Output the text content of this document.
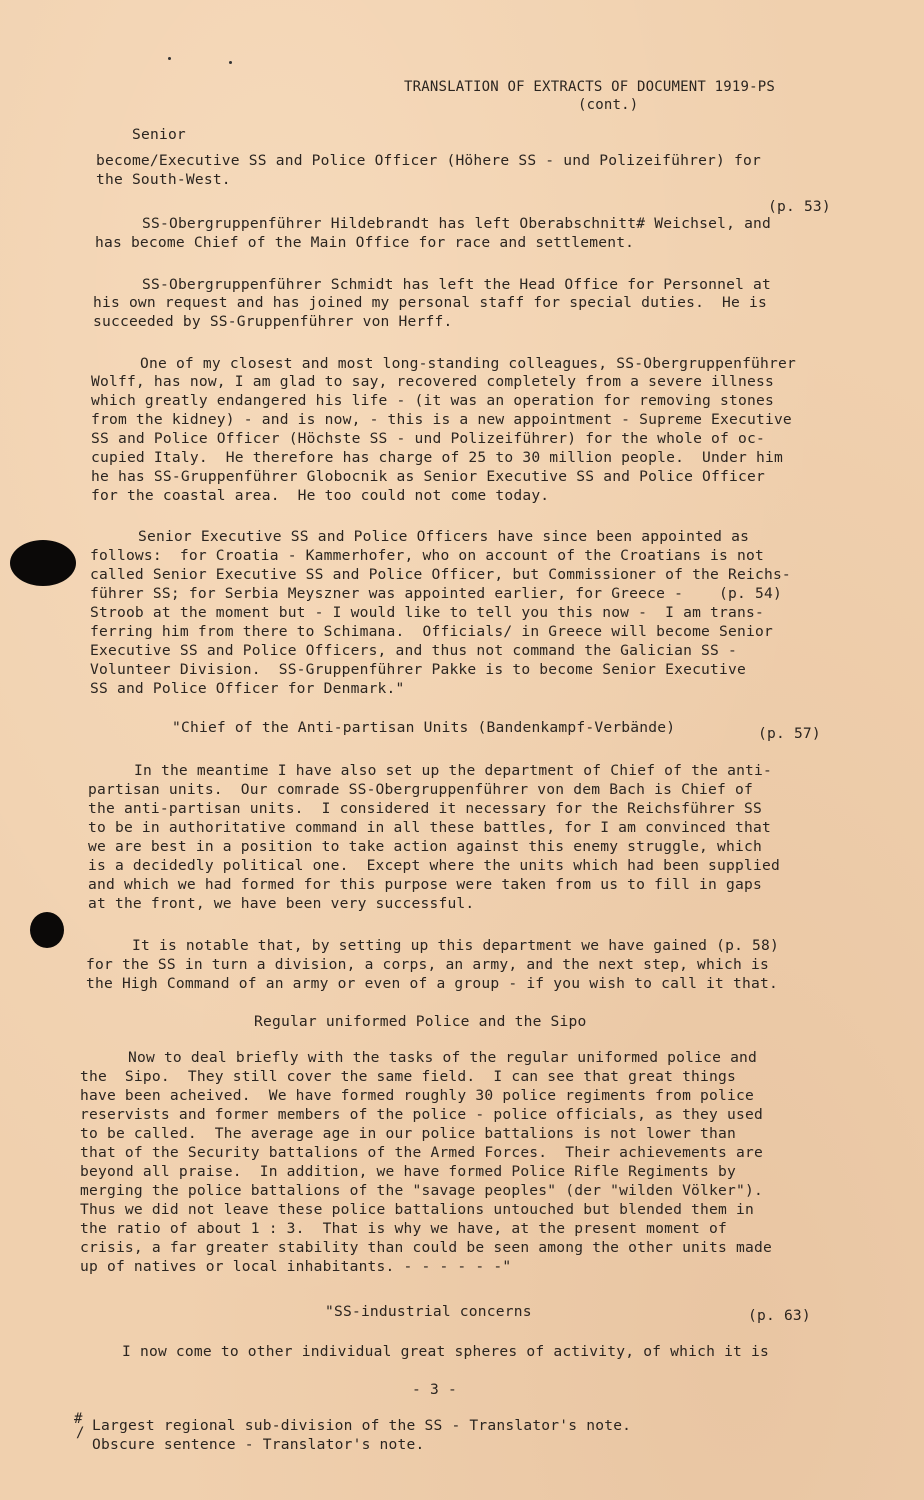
TRANSLATION OF EXTRACTS OF DOCUMENT 1919-PS
(cont.)
Senior
become/Executive SS and Police Officer (Höhere SS - und Polizeiführer) for
the South-West.
(p. 53)
SS-Obergruppenführer Hildebrandt has left Oberabschnitt# Weichsel, and
has become Chief of the Main Office for race and settlement.
SS-Obergruppenführer Schmidt has left the Head Office for Personnel at
his own request and has joined my personal staff for special duties.  He is
succeeded by SS-Gruppenführer von Herff.
One of my closest and most long-standing colleagues, SS-Obergruppenführer
Wolff, has now, I am glad to say, recovered completely from a severe illness
which greatly endangered his life - (it was an operation for removing stones
from the kidney) - and is now, - this is a new appointment - Supreme Executive
SS and Police Officer (Höchste SS - und Polizeiführer) for the whole of oc-
cupied Italy.  He therefore has charge of 25 to 30 million people.  Under him
he has SS-Gruppenführer Globocnik as Senior Executive SS and Police Officer
for the coastal area.  He too could not come today.
Senior Executive SS and Police Officers have since been appointed as
follows:  for Croatia - Kammerhofer, who on account of the Croatians is not
called Senior Executive SS and Police Officer, but Commissioner of the Reichs-
führer SS; for Serbia Meyszner was appointed earlier, for Greece -    (p. 54)
Stroob at the moment but - I would like to tell you this now -  I am trans-
ferring him from there to Schimana.  Officials/ in Greece will become Senior
Executive SS and Police Officers, and thus not command the Galician SS -
Volunteer Division.  SS-Gruppenführer Pakke is to become Senior Executive
SS and Police Officer for Denmark."
"Chief of the Anti-partisan Units (Bandenkampf-Verbände)	(p. 57)
In the meantime I have also set up the department of Chief of the anti-
partisan units.  Our comrade SS-Obergruppenführer von dem Bach is Chief of
the anti-partisan units.  I considered it necessary for the Reichsführer SS
to be in authoritative command in all these battles, for I am convinced that
we are best in a position to take action against this enemy struggle, which
is a decidedly political one.  Except where the units which had been supplied
and which we had formed for this purpose were taken from us to fill in gaps
at the front, we have been very successful.
It is notable that, by setting up this department we have gained (p. 58)
for the SS in turn a division, a corps, an army, and the next step, which is
the High Command of an army or even of a group - if you wish to call it that.
Regular uniformed Police and the Sipo
Now to deal briefly with the tasks of the regular uniformed police and
the  Sipo.  They still cover the same field.  I can see that great things
have been acheived.  We have formed roughly 30 police regiments from police
reservists and former members of the police - police officials, as they used
to be called.  The average age in our police battalions is not lower than
that of the Security battalions of the Armed Forces.  Their achievements are
beyond all praise.  In addition, we have formed Police Rifle Regiments by
merging the police battalions of the "savage peoples" (der "wilden Völker").
Thus we did not leave these police battalions untouched but blended them in
the ratio of about 1 : 3.  That is why we have, at the present moment of
crisis, a far greater stability than could be seen among the other units made
up of natives or local inhabitants. - - - - - -"
"SS-industrial concerns	(p. 63)
I now come to other individual great spheres of activity, of which it is
- 3 -
#
/ Largest regional sub-division of the SS - Translator's note.
Obscure sentence - Translator's note.
